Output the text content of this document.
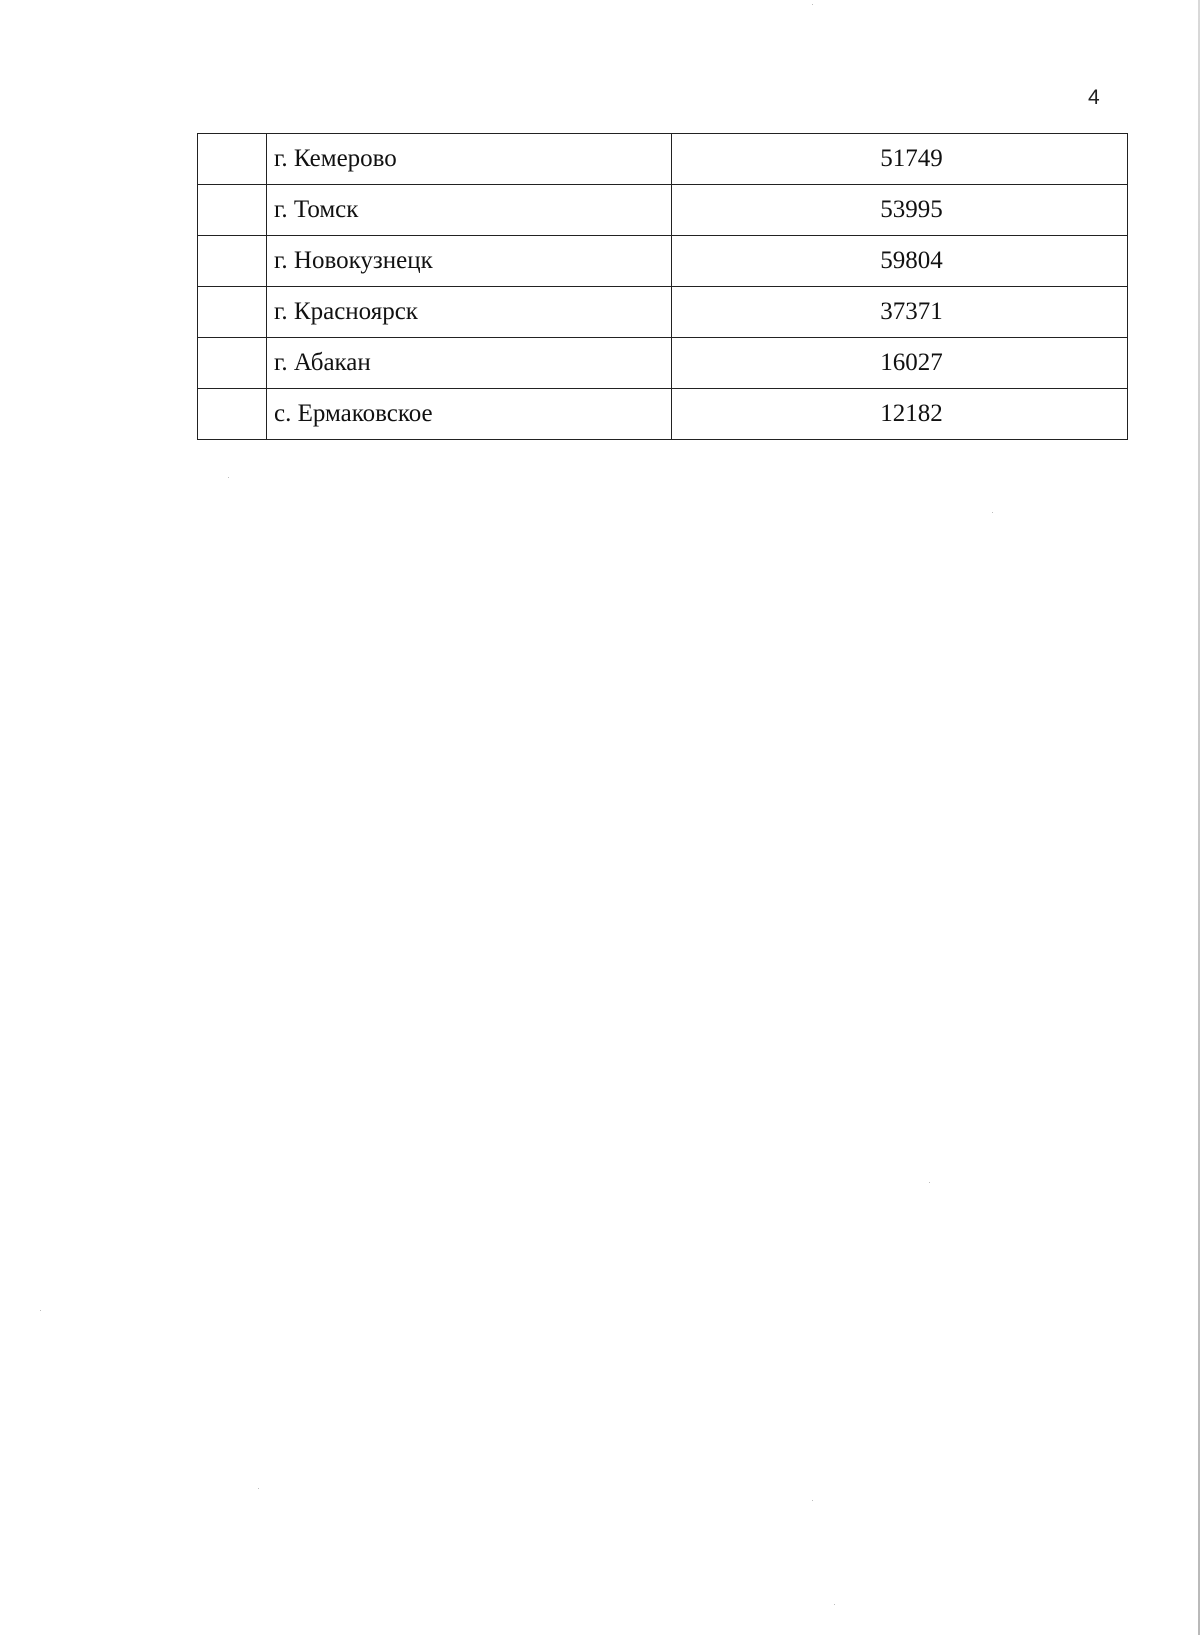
4
	г. Кемерово	51749
	г. Томск	53995
	г. Новокузнецк	59804
	г. Красноярск	37371
	г. Абакан	16027
	с. Ермаковское	12182
